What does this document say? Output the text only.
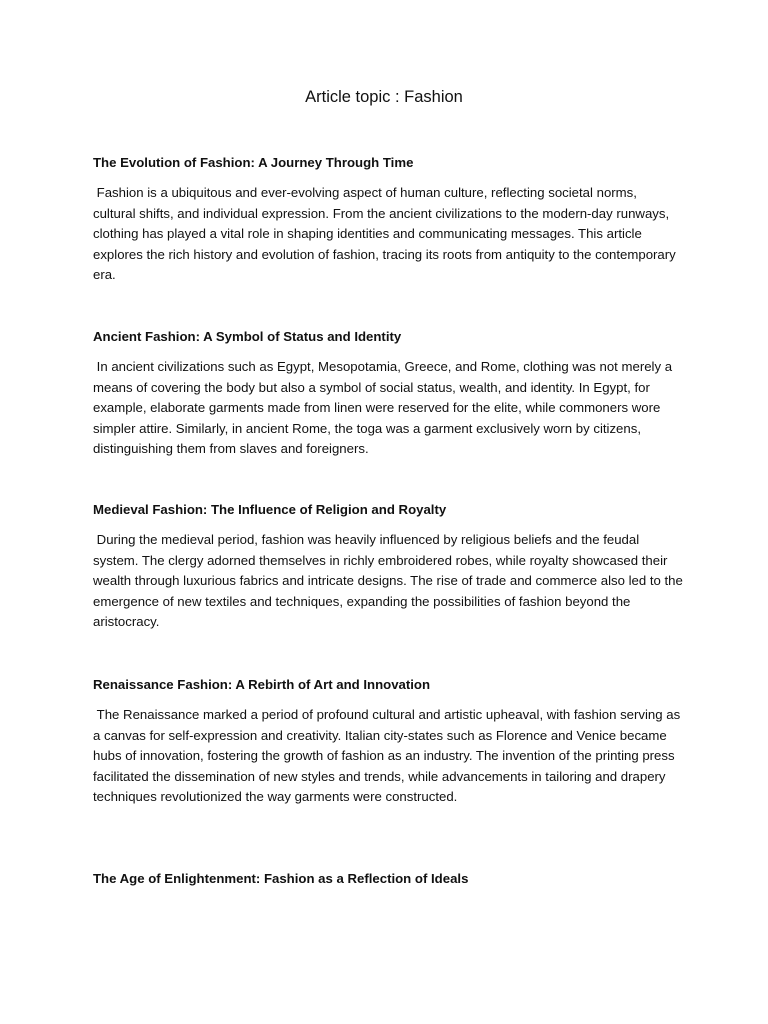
Article topic : Fashion
The Evolution of Fashion: A Journey Through Time

Fashion is a ubiquitous and ever-evolving aspect of human culture, reflecting societal norms, cultural shifts, and individual expression. From the ancient civilizations to the modern-day runways, clothing has played a vital role in shaping identities and communicating messages. This article explores the rich history and evolution of fashion, tracing its roots from antiquity to the contemporary era.

Ancient Fashion: A Symbol of Status and Identity

In ancient civilizations such as Egypt, Mesopotamia, Greece, and Rome, clothing was not merely a means of covering the body but also a symbol of social status, wealth, and identity. In Egypt, for example, elaborate garments made from linen were reserved for the elite, while commoners wore simpler attire. Similarly, in ancient Rome, the toga was a garment exclusively worn by citizens, distinguishing them from slaves and foreigners.

Medieval Fashion: The Influence of Religion and Royalty

During the medieval period, fashion was heavily influenced by religious beliefs and the feudal system. The clergy adorned themselves in richly embroidered robes, while royalty showcased their wealth through luxurious fabrics and intricate designs. The rise of trade and commerce also led to the emergence of new textiles and techniques, expanding the possibilities of fashion beyond the aristocracy.

Renaissance Fashion: A Rebirth of Art and Innovation

The Renaissance marked a period of profound cultural and artistic upheaval, with fashion serving as a canvas for self-expression and creativity. Italian city-states such as Florence and Venice became hubs of innovation, fostering the growth of fashion as an industry. The invention of the printing press facilitated the dissemination of new styles and trends, while advancements in tailoring and drapery techniques revolutionized the way garments were constructed.

The Age of Enlightenment: Fashion as a Reflection of Ideals
